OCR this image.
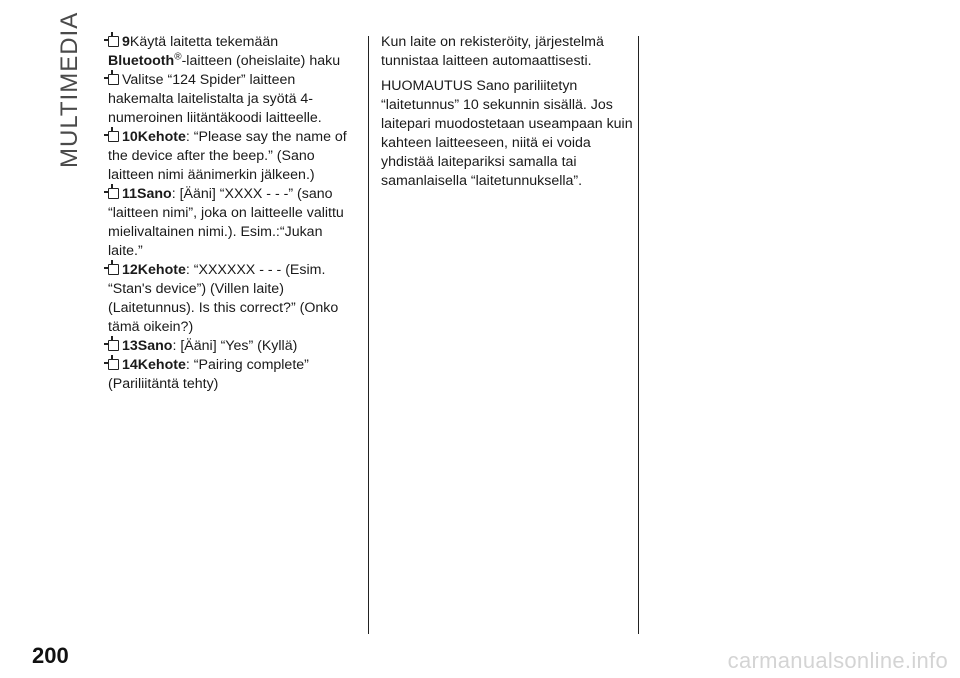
MULTIMEDIA	9Käytä laitetta tekemään
Bluetooth®-laitteen (oheislaite) haku

Valitse “124 Spider” laitteen hakemalta laitelistalta ja syötä 4-numeroinen liitäntäkoodi laitteelle.

10Kehote: “Please say the name of the device after the beep.” (Sano laitteen nimi äänimerkin jälkeen.)

11Sano: [Ääni] “XXXX - - -” (sano “laitteen nimi”, joka on laitteelle valittu mielivaltainen nimi.). Esim.:“Jukan laite.”

12Kehote: “XXXXXX - - - (Esim. “Stan's device”) (Villen laite) (Laitetunnus). Is this correct?” (Onko tämä oikein?)

13Sano: [Ääni] “Yes” (Kyllä)

14Kehote: “Pairing complete” (Pariliitäntä tehty)

Kun laite on rekisteröity, järjestelmä tunnistaa laitteen automaattisesti.

HUOMAUTUS Sano pariliitetyn “laitetunnus” 10 sekunnin sisällä. Jos laitepari muodostetaan useampaan kuin kahteen laitteeseen, niitä ei voida yhdistää laitepariksi samalla tai samanlaisella “laitetunnuksella”.

200	carmanualsonline.info
